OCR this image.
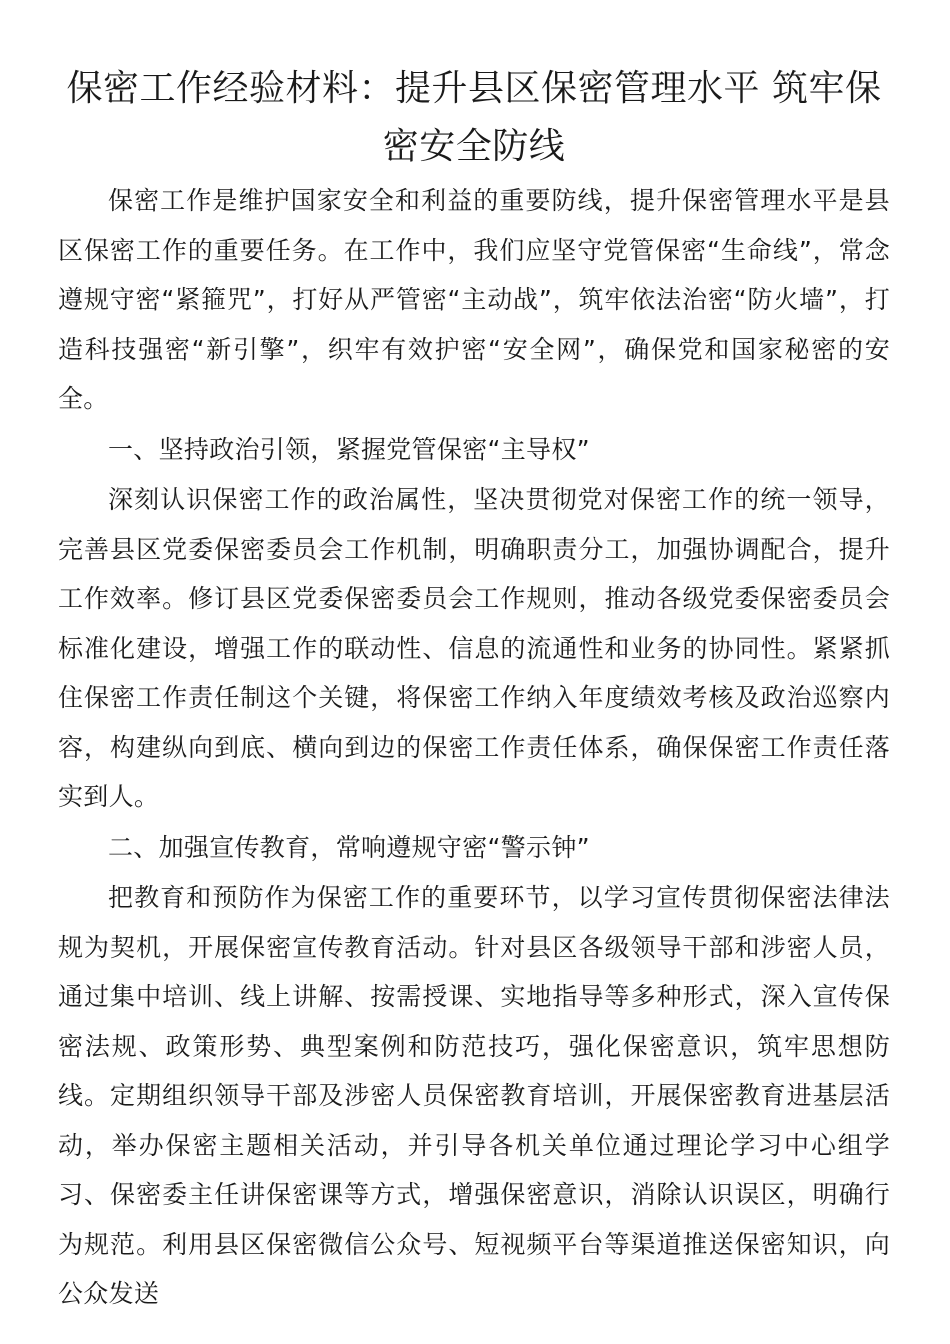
保密工作经验材料：提升县区保密管理水平 筑牢保密安全防线

保密工作是维护国家安全和利益的重要防线，提升保密管理水平是县区保密工作的重要任务。在工作中，我们应坚守党管保密“生命线”，常念遵规守密“紧箍咒”，打好从严管密“主动战”，筑牢依法治密“防火墙”，打造科技强密“新引擎”，织牢有效护密“安全网”，确保党和国家秘密的安全。

一、坚持政治引领，紧握党管保密“主导权”

深刻认识保密工作的政治属性，坚决贯彻党对保密工作的统一领导，完善县区党委保密委员会工作机制，明确职责分工，加强协调配合，提升工作效率。修订县区党委保密委员会工作规则，推动各级党委保密委员会标准化建设，增强工作的联动性、信息的流通性和业务的协同性。紧紧抓住保密工作责任制这个关键，将保密工作纳入年度绩效考核及政治巡察内容，构建纵向到底、横向到边的保密工作责任体系，确保保密工作责任落实到人。

二、加强宣传教育，常响遵规守密“警示钟”

把教育和预防作为保密工作的重要环节，以学习宣传贯彻保密法律法规为契机，开展保密宣传教育活动。针对县区各级领导干部和涉密人员，通过集中培训、线上讲解、按需授课、实地指导等多种形式，深入宣传保密法规、政策形势、典型案例和防范技巧，强化保密意识，筑牢思想防线。定期组织领导干部及涉密人员保密教育培训，开展保密教育进基层活动，举办保密主题相关活动，并引导各机关单位通过理论学习中心组学习、保密委主任讲保密课等方式，增强保密意识，消除认识误区，明确行为规范。利用县区保密微信公众号、短视频平台等渠道推送保密知识，向公众发送
